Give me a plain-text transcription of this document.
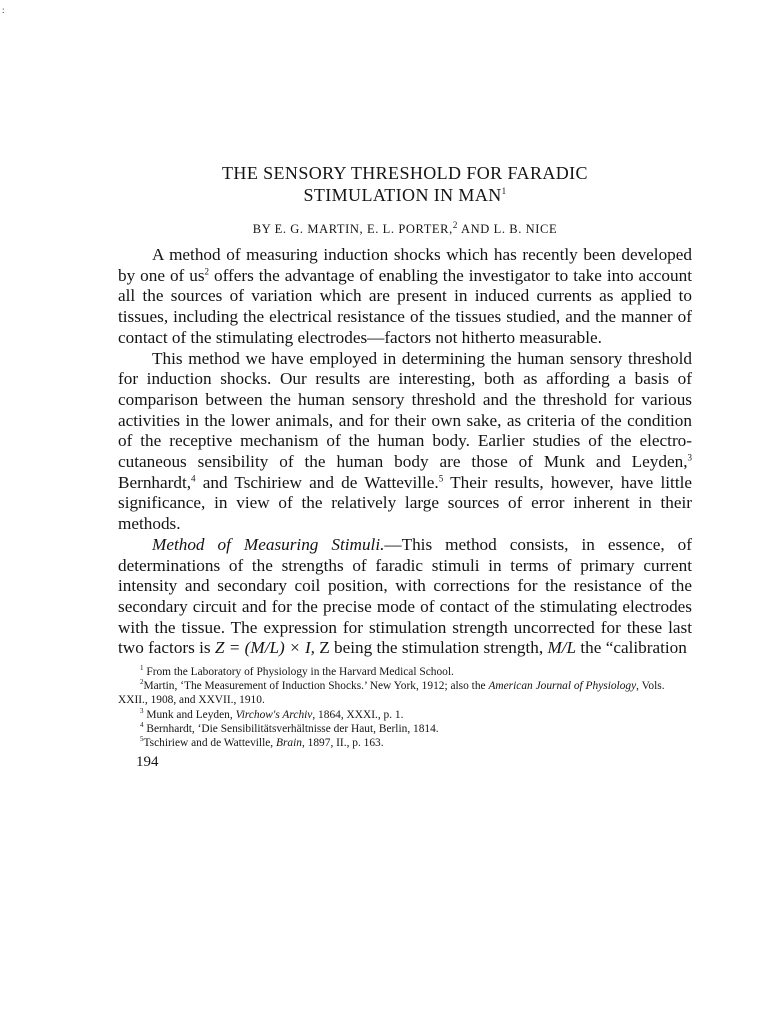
:
THE SENSORY THRESHOLD FOR FARADIC
STIMULATION IN MAN$^1$

BY E. G. MARTIN, E. L. PORTER,$^2$ AND L. B. NICE

A method of measuring induction shocks which has recently been developed by one of $us^2$ offers the advantage of enabling the investigator to take into account all the sources of variation which are present in induced currents as applied to tissues, including the electrical resistance of the tissues studied, and the manner of contact of the stimulating electrodes—factors not hitherto measurable.

This method we have employed in determining the human sensory threshold for induction shocks. Our results are interesting, both as affording a basis of comparison between the human sensory threshold and the threshold for various activities in the lower animals, and for their own sake, as criteria of the condition of the receptive mechanism of the human body. Earlier studies of the electro-cutaneous sensibility of the human body are those of Munk and Leyden,$^3$ Bernhardt,$^4$ and Tschiriew and de Watteville.$^5$ Their results, however, have little significance, in view of the relatively large sources of error inherent in their methods.

Method of Measuring Stimuli.—This method consists, in essence, of determinations of the strengths of faradic stimuli in terms of primary current intensity and secondary coil position, with corrections for the resistance of the secondary circuit and for the precise mode of contact of the stimulating electrodes with the tissue. The expression for stimulation strength uncorrected for these last two factors is Z = (M/L) × I, Z being the stimulation strength, M/L the “calibration

$^1$ From the Laboratory of Physiology in the Harvard Medical School.

$^2$Martin, ‘The Measurement of Induction Shocks.’ New York, 1912; also the American Journal of Physiology, Vols. XXII., 1908, and XXVII., 1910.

$^3$ Munk and Leyden, Virchow's Archiv, 1864, XXXI., p. 1.

$^4$ Bernhardt, ‘Die Sensibilitätsverhältnisse der Haut, Berlin, 1814.

$^5$Tschiriew and de Watteville, Brain, 1897, II., p. 163.

194
